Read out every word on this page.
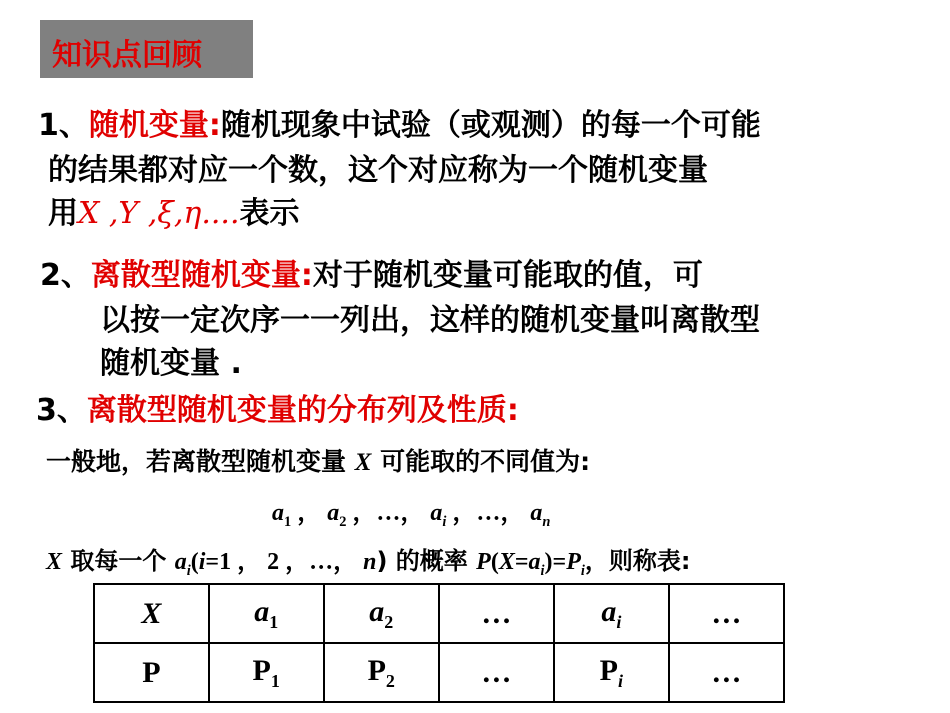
知识点回顾
1、随机变量:随机现象中试验（或观测）的每一个可能
的结果都对应一个数，这个对应称为一个随机变量
用X ,Y ,ξ,η....表示
2、离散型随机变量:对于随机变量可能取的值，可
以按一定次序一一列出，这样的随机变量叫离散型
随机变量 .
3、离散型随机变量的分布列及性质:
一般地，若离散型随机变量 X 可能取的不同值为:
$a_1$ ， $a_2$ ，…， $a_i$ ，…， $a_n$
X 取每一个 $a_i(i=1$ ， 2 ，…， n) 的概率 $P(X=a_i)=P_i$，则称表:
X	$a_1$	$a_2$	…	$a_i$	…
P	$P_1$	$P_2$	…	$P_i$	…
